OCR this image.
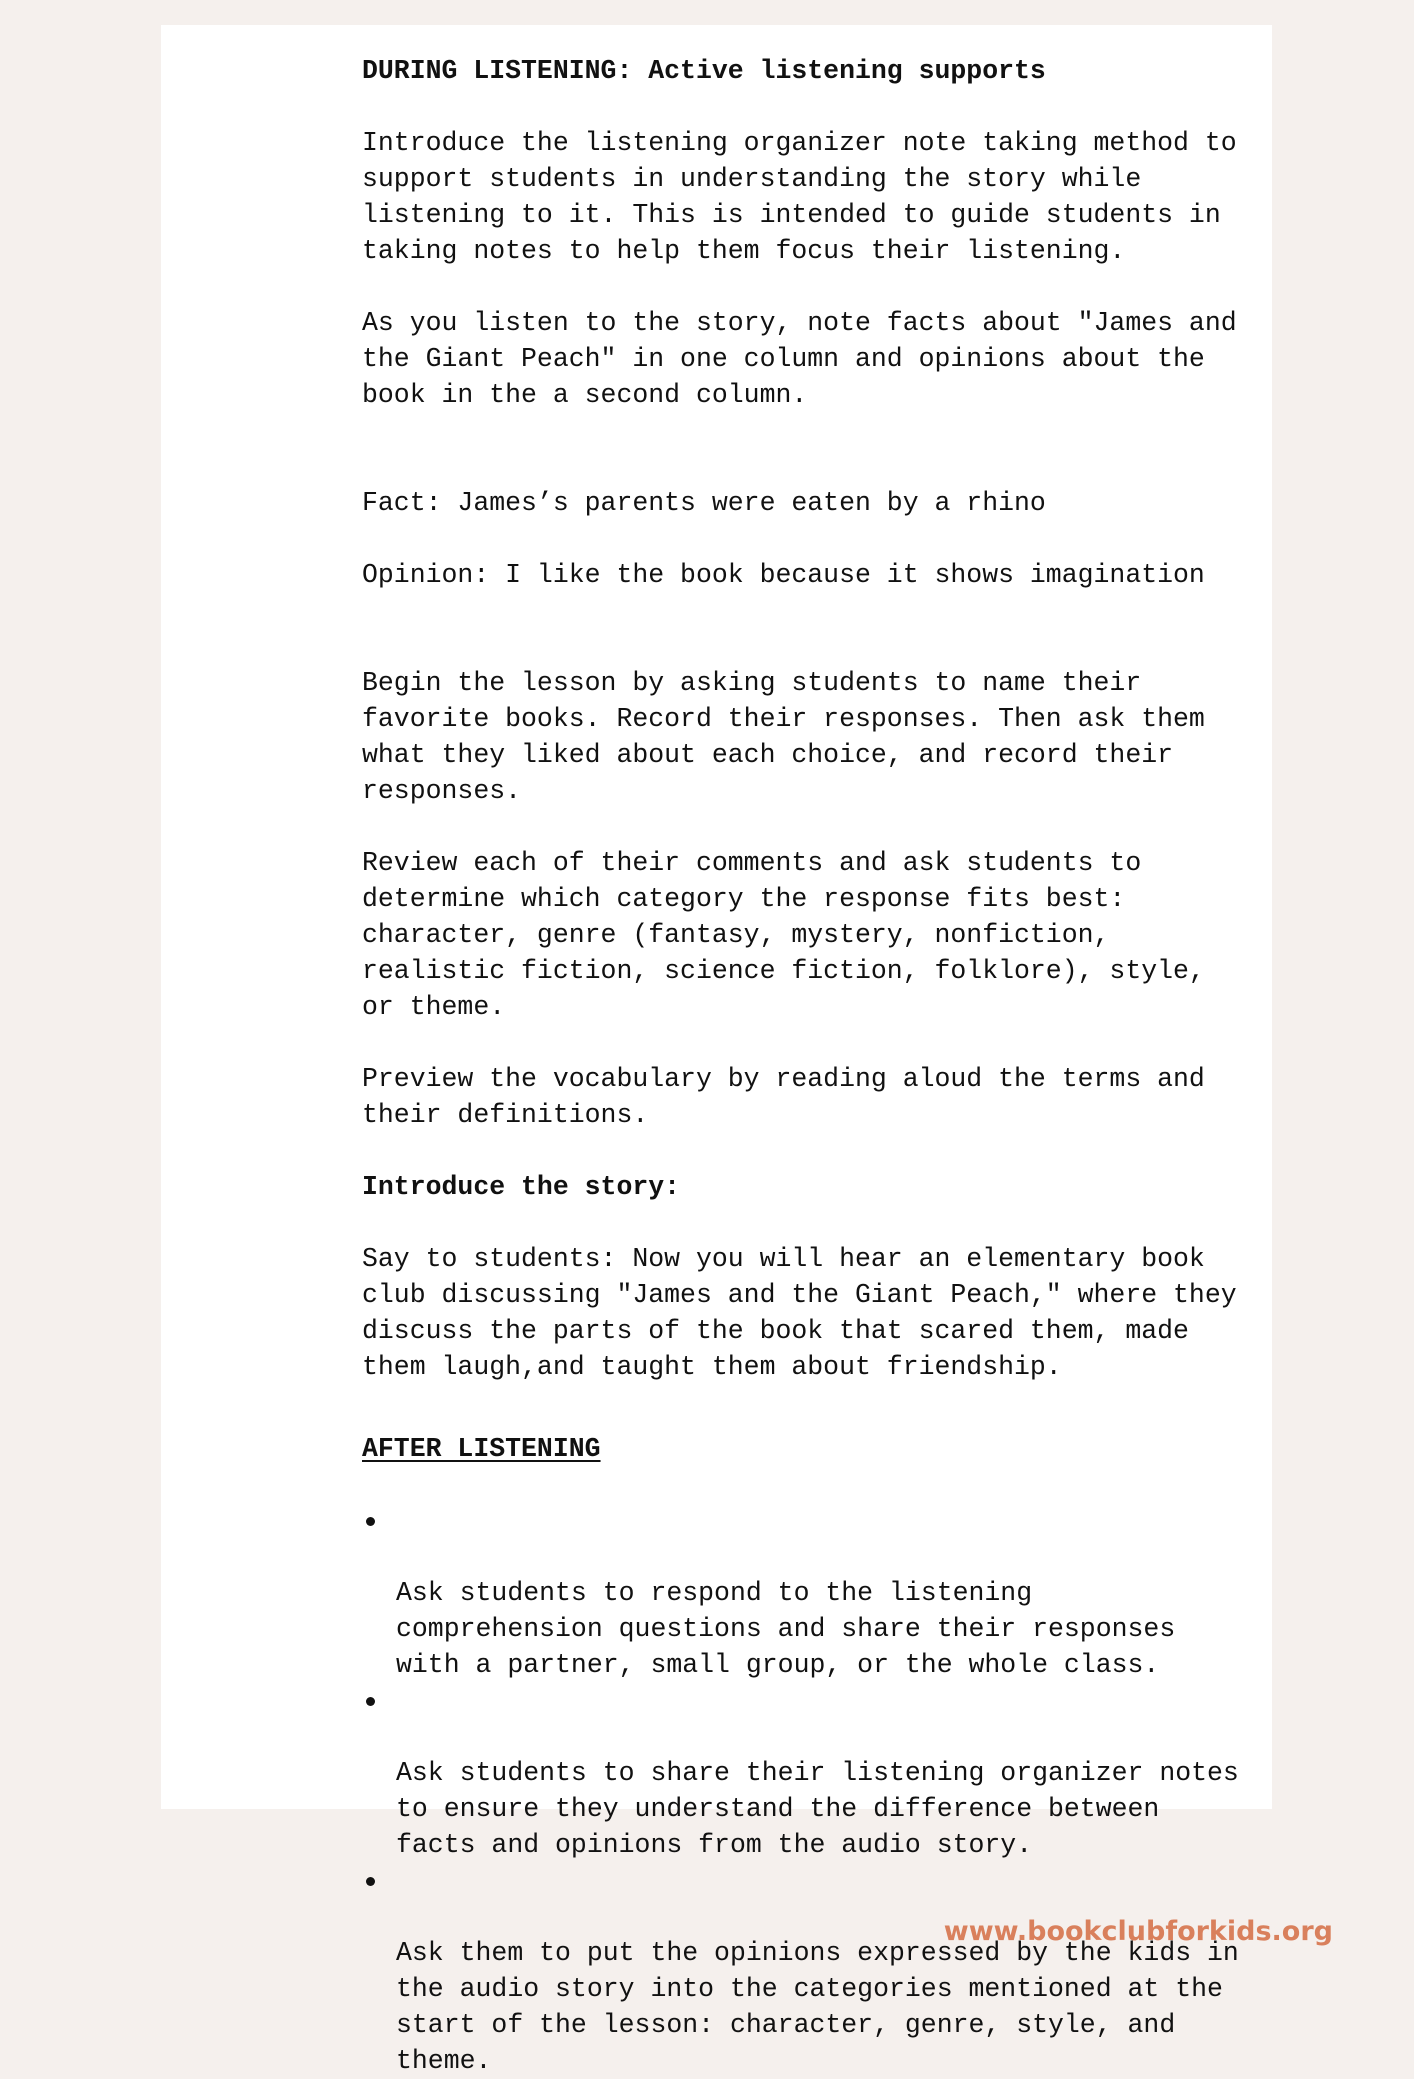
DURING LISTENING: Active listening supports

Introduce the listening organizer note taking method to
support students in understanding the story while
listening to it. This is intended to guide students in
taking notes to help them focus their listening.

As you listen to the story, note facts about "James and
the Giant Peach" in one column and opinions about the
book in the a second column.

Fact: James’s parents were eaten by a rhino

Opinion: I like the book because it shows imagination

Begin the lesson by asking students to name their
favorite books. Record their responses. Then ask them
what they liked about each choice, and record their
responses.

Review each of their comments and ask students to
determine which category the response fits best:
character, genre (fantasy, mystery, nonfiction,
realistic fiction, science fiction, folklore), style,
or theme.

Preview the vocabulary by reading aloud the terms and
their definitions.

Introduce the story:

Say to students: Now you will hear an elementary book
club discussing "James and the Giant Peach," where they
discuss the parts of the book that scared them, made
them laugh,and taught them about friendship.

AFTER LISTENING

Ask students to respond to the listening
comprehension questions and share their responses
with a partner, small group, or the whole class.

Ask students to share their listening organizer notes
to ensure they understand the difference between
facts and opinions from the audio story.

Ask them to put the opinions expressed by the kids in
the audio story into the categories mentioned at the
start of the lesson: character, genre, style, and
theme.

www.bookclubforkids.org
